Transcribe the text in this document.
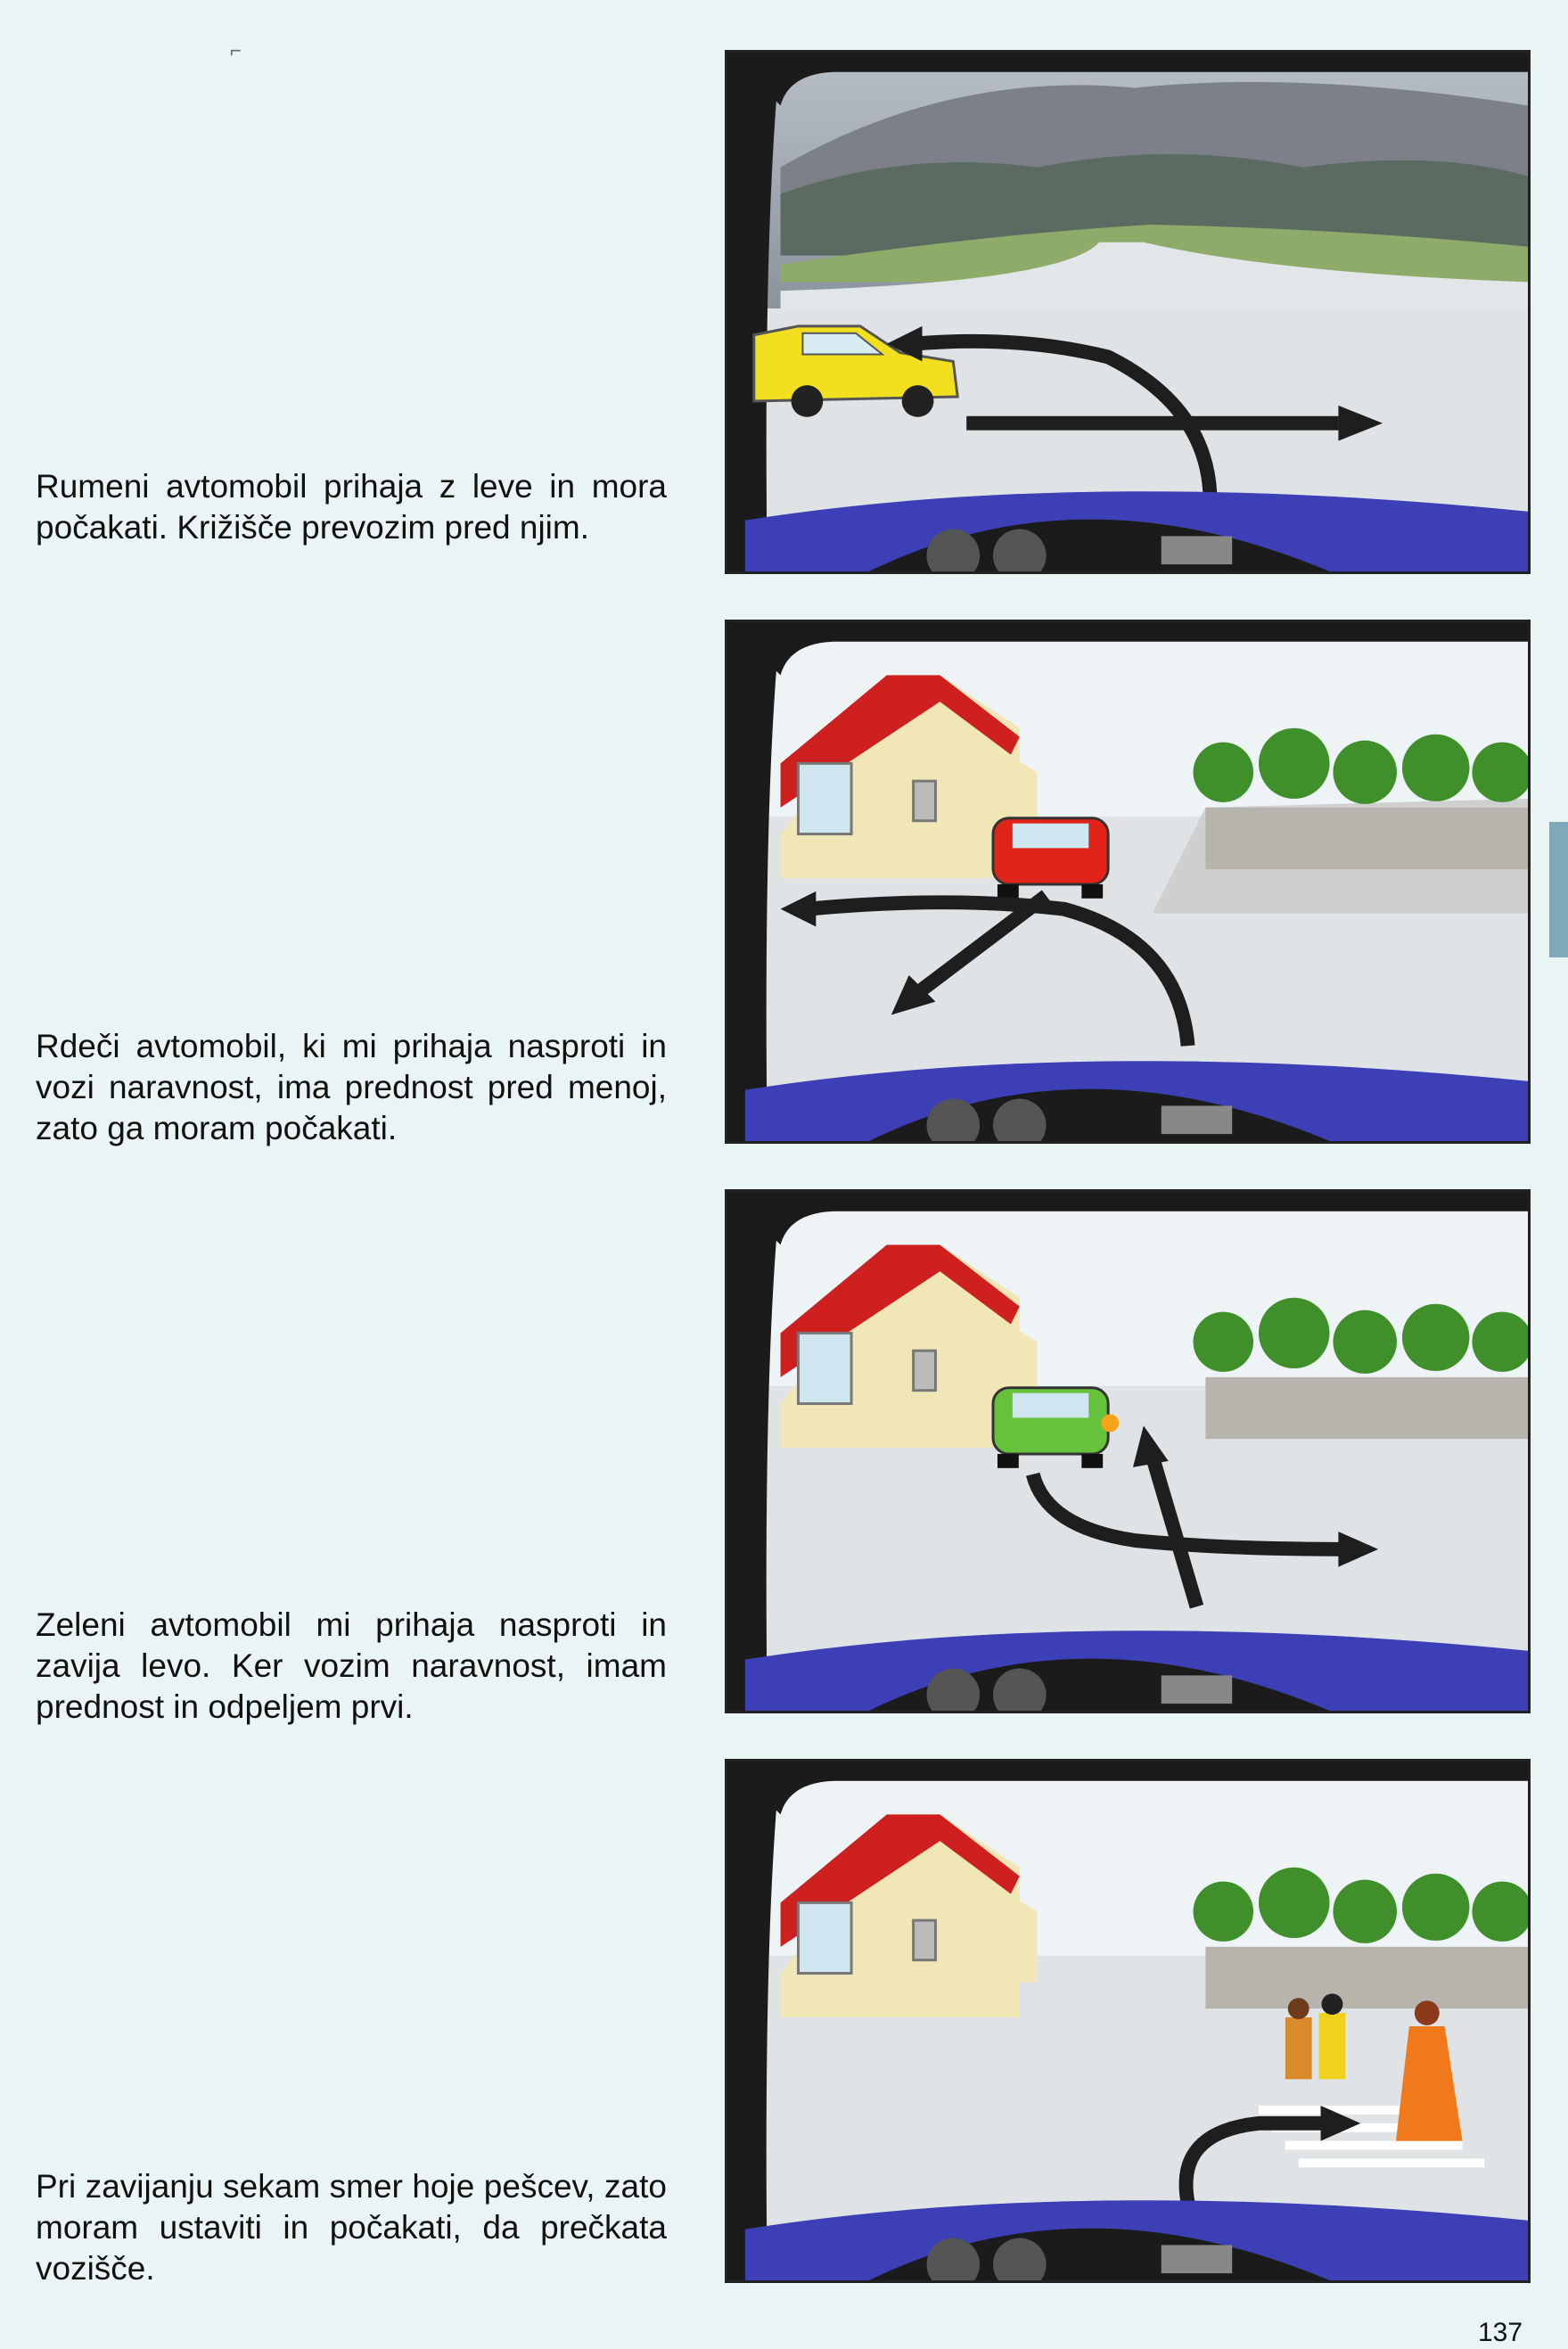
⌐

Rumeni avtomobil prihaja z leve in mora počakati. Križišče prevozim pred njim.

Rdeči avtomobil, ki mi prihaja nasproti in vozi naravnost, ima prednost pred menoj, zato ga moram počakati.

Zeleni avtomobil mi prihaja nasproti in zavija levo. Ker vozim naravnost, imam prednost in odpeljem prvi.

Pri zavijanju sekam smer hoje pešcev, zato moram ustaviti in počakati, da prečkata vozišče.

137
